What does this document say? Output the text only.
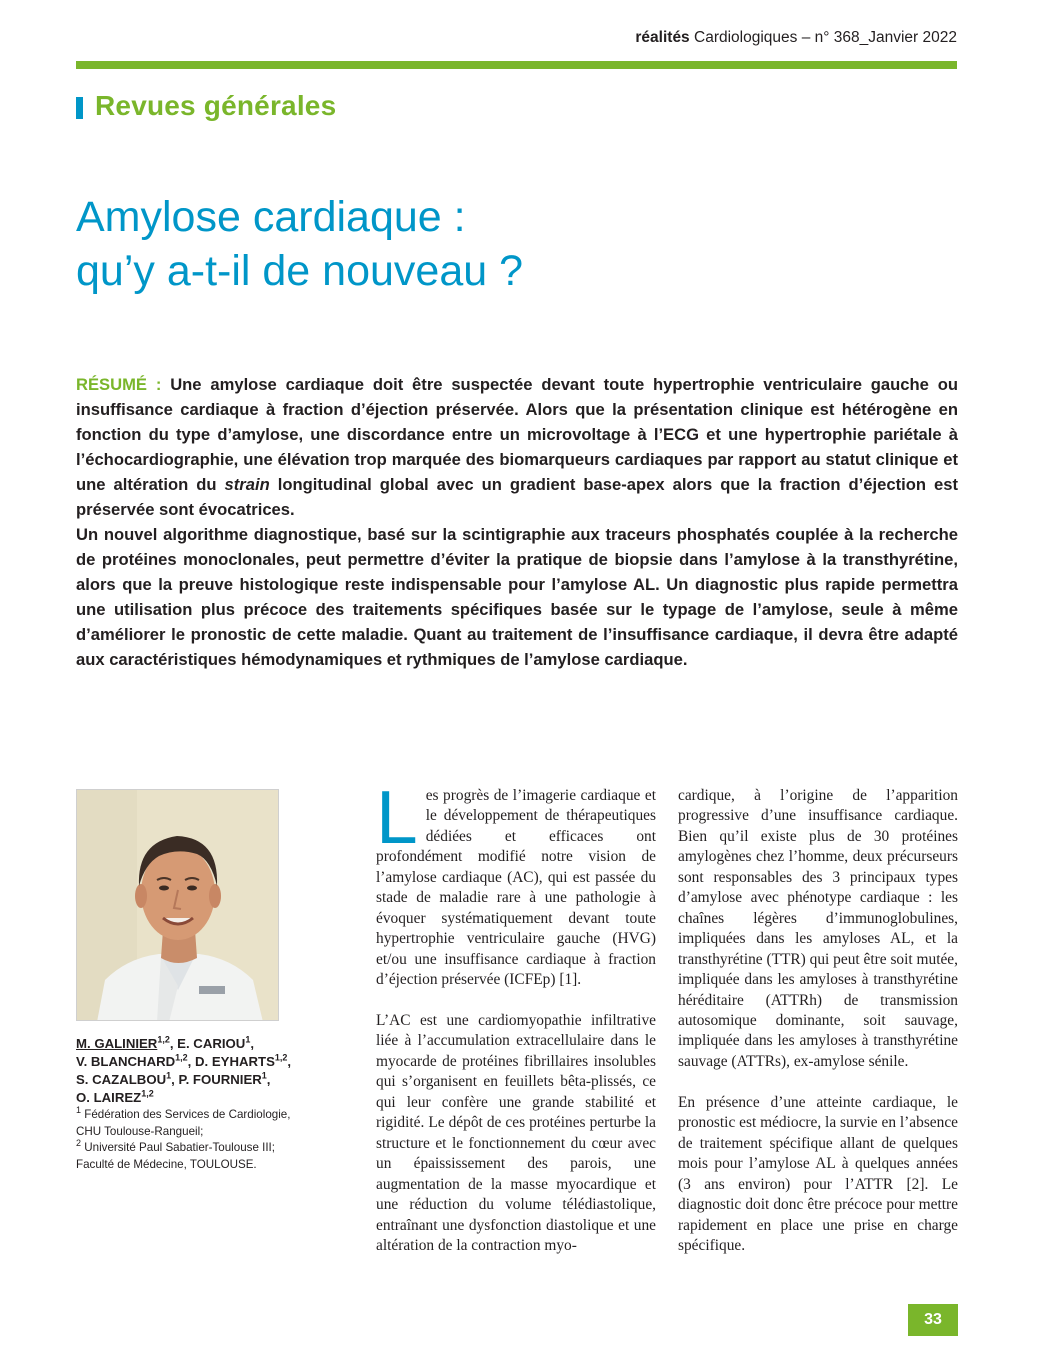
réalités Cardiologiques – n° 368_Janvier 2022
Revues générales
Amylose cardiaque :
qu’y a-t-il de nouveau ?

RÉSUMÉ : Une amylose cardiaque doit être suspectée devant toute hypertrophie ventriculaire gauche ou insuffisance cardiaque à fraction d’éjection préservée. Alors que la présentation clinique est hétérogène en fonction du type d’amylose, une discordance entre un microvoltage à l’ECG et une hypertrophie pariétale à l’échocardiographie, une élévation trop marquée des biomarqueurs cardiaques par rapport au statut clinique et une altération du strain longitudinal global avec un gradient base-apex alors que la fraction d’éjection est préservée sont évocatrices.

Un nouvel algorithme diagnostique, basé sur la scintigraphie aux traceurs phosphatés couplée à la recherche de protéines monoclonales, peut permettre d’éviter la pratique de biopsie dans l’amylose à la transthyrétine, alors que la preuve histologique reste indispensable pour l’amylose AL. Un diagnostic plus rapide permettra une utilisation plus précoce des traitements spécifiques basée sur le typage de l’amylose, seule à même d’améliorer le pronostic de cette maladie. Quant au traitement de l’insuffisance cardiaque, il devra être adapté aux caractéristiques hémodynamiques et rythmiques de l’amylose cardiaque.

M. GALINIER$^{1,2}$, E. CARIOU$^1$,
V. BLANCHARD$^{1,2}$, D. EYHARTS$^{1,2}$,
S. CAZALBOU$^1$, P. FOURNIER$^1$,
O. LAIREZ$^{1,2}$
$^1$ Fédération des Services de Cardiologie,
CHU Toulouse-Rangueil;
$^2$ Université Paul Sabatier-Toulouse III;
Faculté de Médecine, TOULOUSE.

Les progrès de l’imagerie cardiaque et le développement de thérapeutiques dédiées et efficaces ont profondément modifié notre vision de l’amylose cardiaque (AC), qui est passée du stade de maladie rare à une pathologie à évoquer systématiquement devant toute hypertrophie ventriculaire gauche (HVG) et/ou une insuffisance cardiaque à fraction d’éjection préservée (ICFEp) [1].

L’AC est une cardiomyopathie infiltrative liée à l’accumulation extracellulaire dans le myocarde de protéines fibrillaires insolubles qui s’organisent en feuillets bêta-plissés, ce qui leur confère une grande stabilité et rigidité. Le dépôt de ces protéines perturbe la structure et le fonctionnement du cœur avec un épaississement des parois, une augmentation de la masse myocardique et une réduction du volume télédiastolique, entraînant une dysfonction diastolique et une altération de la contraction myo-

cardique, à l’origine de l’apparition progressive d’une insuffisance cardiaque. Bien qu’il existe plus de 30 protéines amylogènes chez l’homme, deux précurseurs sont responsables des 3 principaux types d’amylose avec phénotype cardiaque : les chaînes légères d’immunoglobulines, impliquées dans les amyloses AL, et la transthyrétine (TTR) qui peut être soit mutée, impliquée dans les amyloses à transthyrétine héréditaire (ATTRh) de transmission autosomique dominante, soit sauvage, impliquée dans les amyloses à transthyrétine sauvage (ATTRs), ex-amylose sénile.

En présence d’une atteinte cardiaque, le pronostic est médiocre, la survie en l’absence de traitement spécifique allant de quelques mois pour l’amylose AL à quelques années (3 ans environ) pour l’ATTR [2]. Le diagnostic doit donc être précoce pour mettre rapidement en place une prise en charge spécifique.

33
